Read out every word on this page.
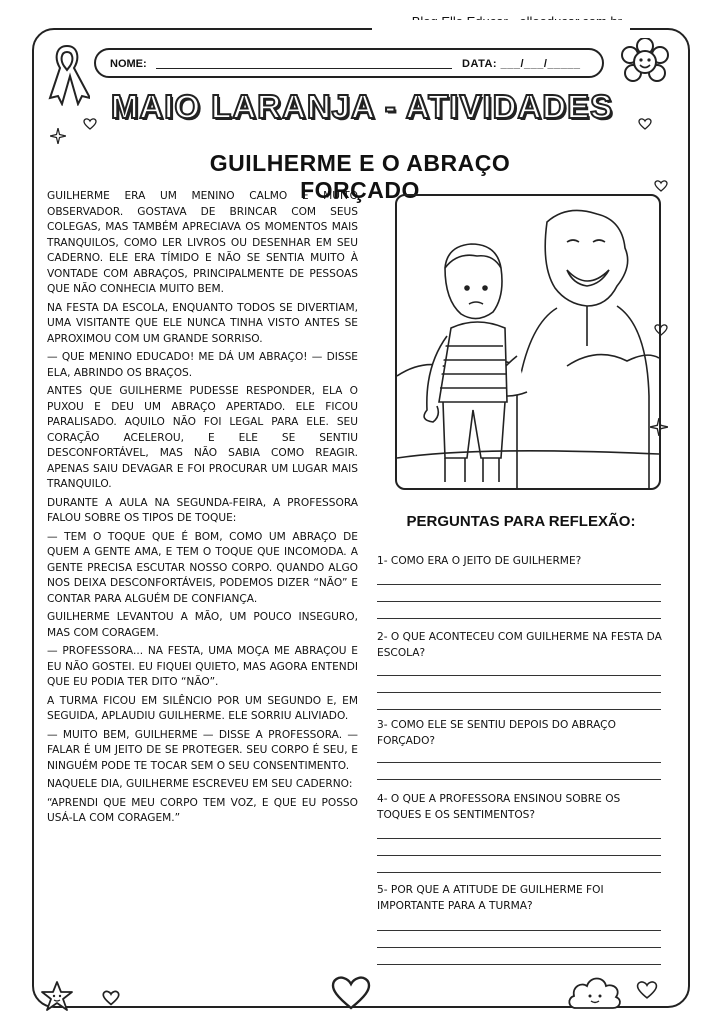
NOME:	DATA: ___/___/_____
MAIO LARANJA - ATIVIDADES
GUILHERME E O ABRAÇO FORÇADO

GUILHERME ERA UM MENINO CALMO E MUITO OBSERVADOR. GOSTAVA DE BRINCAR COM SEUS COLEGAS, MAS TAMBÉM APRECIAVA OS MOMENTOS MAIS TRANQUILOS, COMO LER LIVROS OU DESENHAR EM SEU CADERNO. ELE ERA TÍMIDO E NÃO SE SENTIA MUITO À VONTADE COM ABRAÇOS, PRINCIPALMENTE DE PESSOAS QUE NÃO CONHECIA MUITO BEM.

NA FESTA DA ESCOLA, ENQUANTO TODOS SE DIVERTIAM, UMA VISITANTE QUE ELE NUNCA TINHA VISTO ANTES SE APROXIMOU COM UM GRANDE SORRISO.

— QUE MENINO EDUCADO! ME DÁ UM ABRAÇO! — DISSE ELA, ABRINDO OS BRAÇOS.

ANTES QUE GUILHERME PUDESSE RESPONDER, ELA O PUXOU E DEU UM ABRAÇO APERTADO. ELE FICOU PARALISADO. AQUILO NÃO FOI LEGAL PARA ELE. SEU CORAÇÃO ACELEROU, E ELE SE SENTIU DESCONFORTÁVEL, MAS NÃO SABIA COMO REAGIR. APENAS SAIU DEVAGAR E FOI PROCURAR UM LUGAR MAIS TRANQUILO.

DURANTE A AULA NA SEGUNDA-FEIRA, A PROFESSORA FALOU SOBRE OS TIPOS DE TOQUE:

— TEM O TOQUE QUE É BOM, COMO UM ABRAÇO DE QUEM A GENTE AMA, E TEM O TOQUE QUE INCOMODA. A GENTE PRECISA ESCUTAR NOSSO CORPO. QUANDO ALGO NOS DEIXA DESCONFORTÁVEIS, PODEMOS DIZER “NÃO” E CONTAR PARA ALGUÉM DE CONFIANÇA.

GUILHERME LEVANTOU A MÃO, UM POUCO INSEGURO, MAS COM CORAGEM.

— PROFESSORA... NA FESTA, UMA MOÇA ME ABRAÇOU E EU NÃO GOSTEI. EU FIQUEI QUIETO, MAS AGORA ENTENDI QUE EU PODIA TER DITO “NÃO”.

A TURMA FICOU EM SILÊNCIO POR UM SEGUNDO E, EM SEGUIDA, APLAUDIU GUILHERME. ELE SORRIU ALIVIADO.

— MUITO BEM, GUILHERME — DISSE A PROFESSORA. — FALAR É UM JEITO DE SE PROTEGER. SEU CORPO É SEU, E NINGUÉM PODE TE TOCAR SEM O SEU CONSENTIMENTO.

NAQUELE DIA, GUILHERME ESCREVEU EM SEU CADERNO:

“APRENDI QUE MEU CORPO TEM VOZ, E QUE EU POSSO USÁ-LA COM CORAGEM.”

PERGUNTAS PARA REFLEXÃO:
1- COMO ERA O JEITO DE GUILHERME?
2- O QUE ACONTECEU COM GUILHERME NA FESTA DA ESCOLA?
3- COMO ELE SE SENTIU DEPOIS DO ABRAÇO FORÇADO?
4- O QUE A PROFESSORA ENSINOU SOBRE OS TOQUES E OS SENTIMENTOS?
5- POR QUE A ATITUDE DE GUILHERME FOI IMPORTANTE PARA A TURMA?
